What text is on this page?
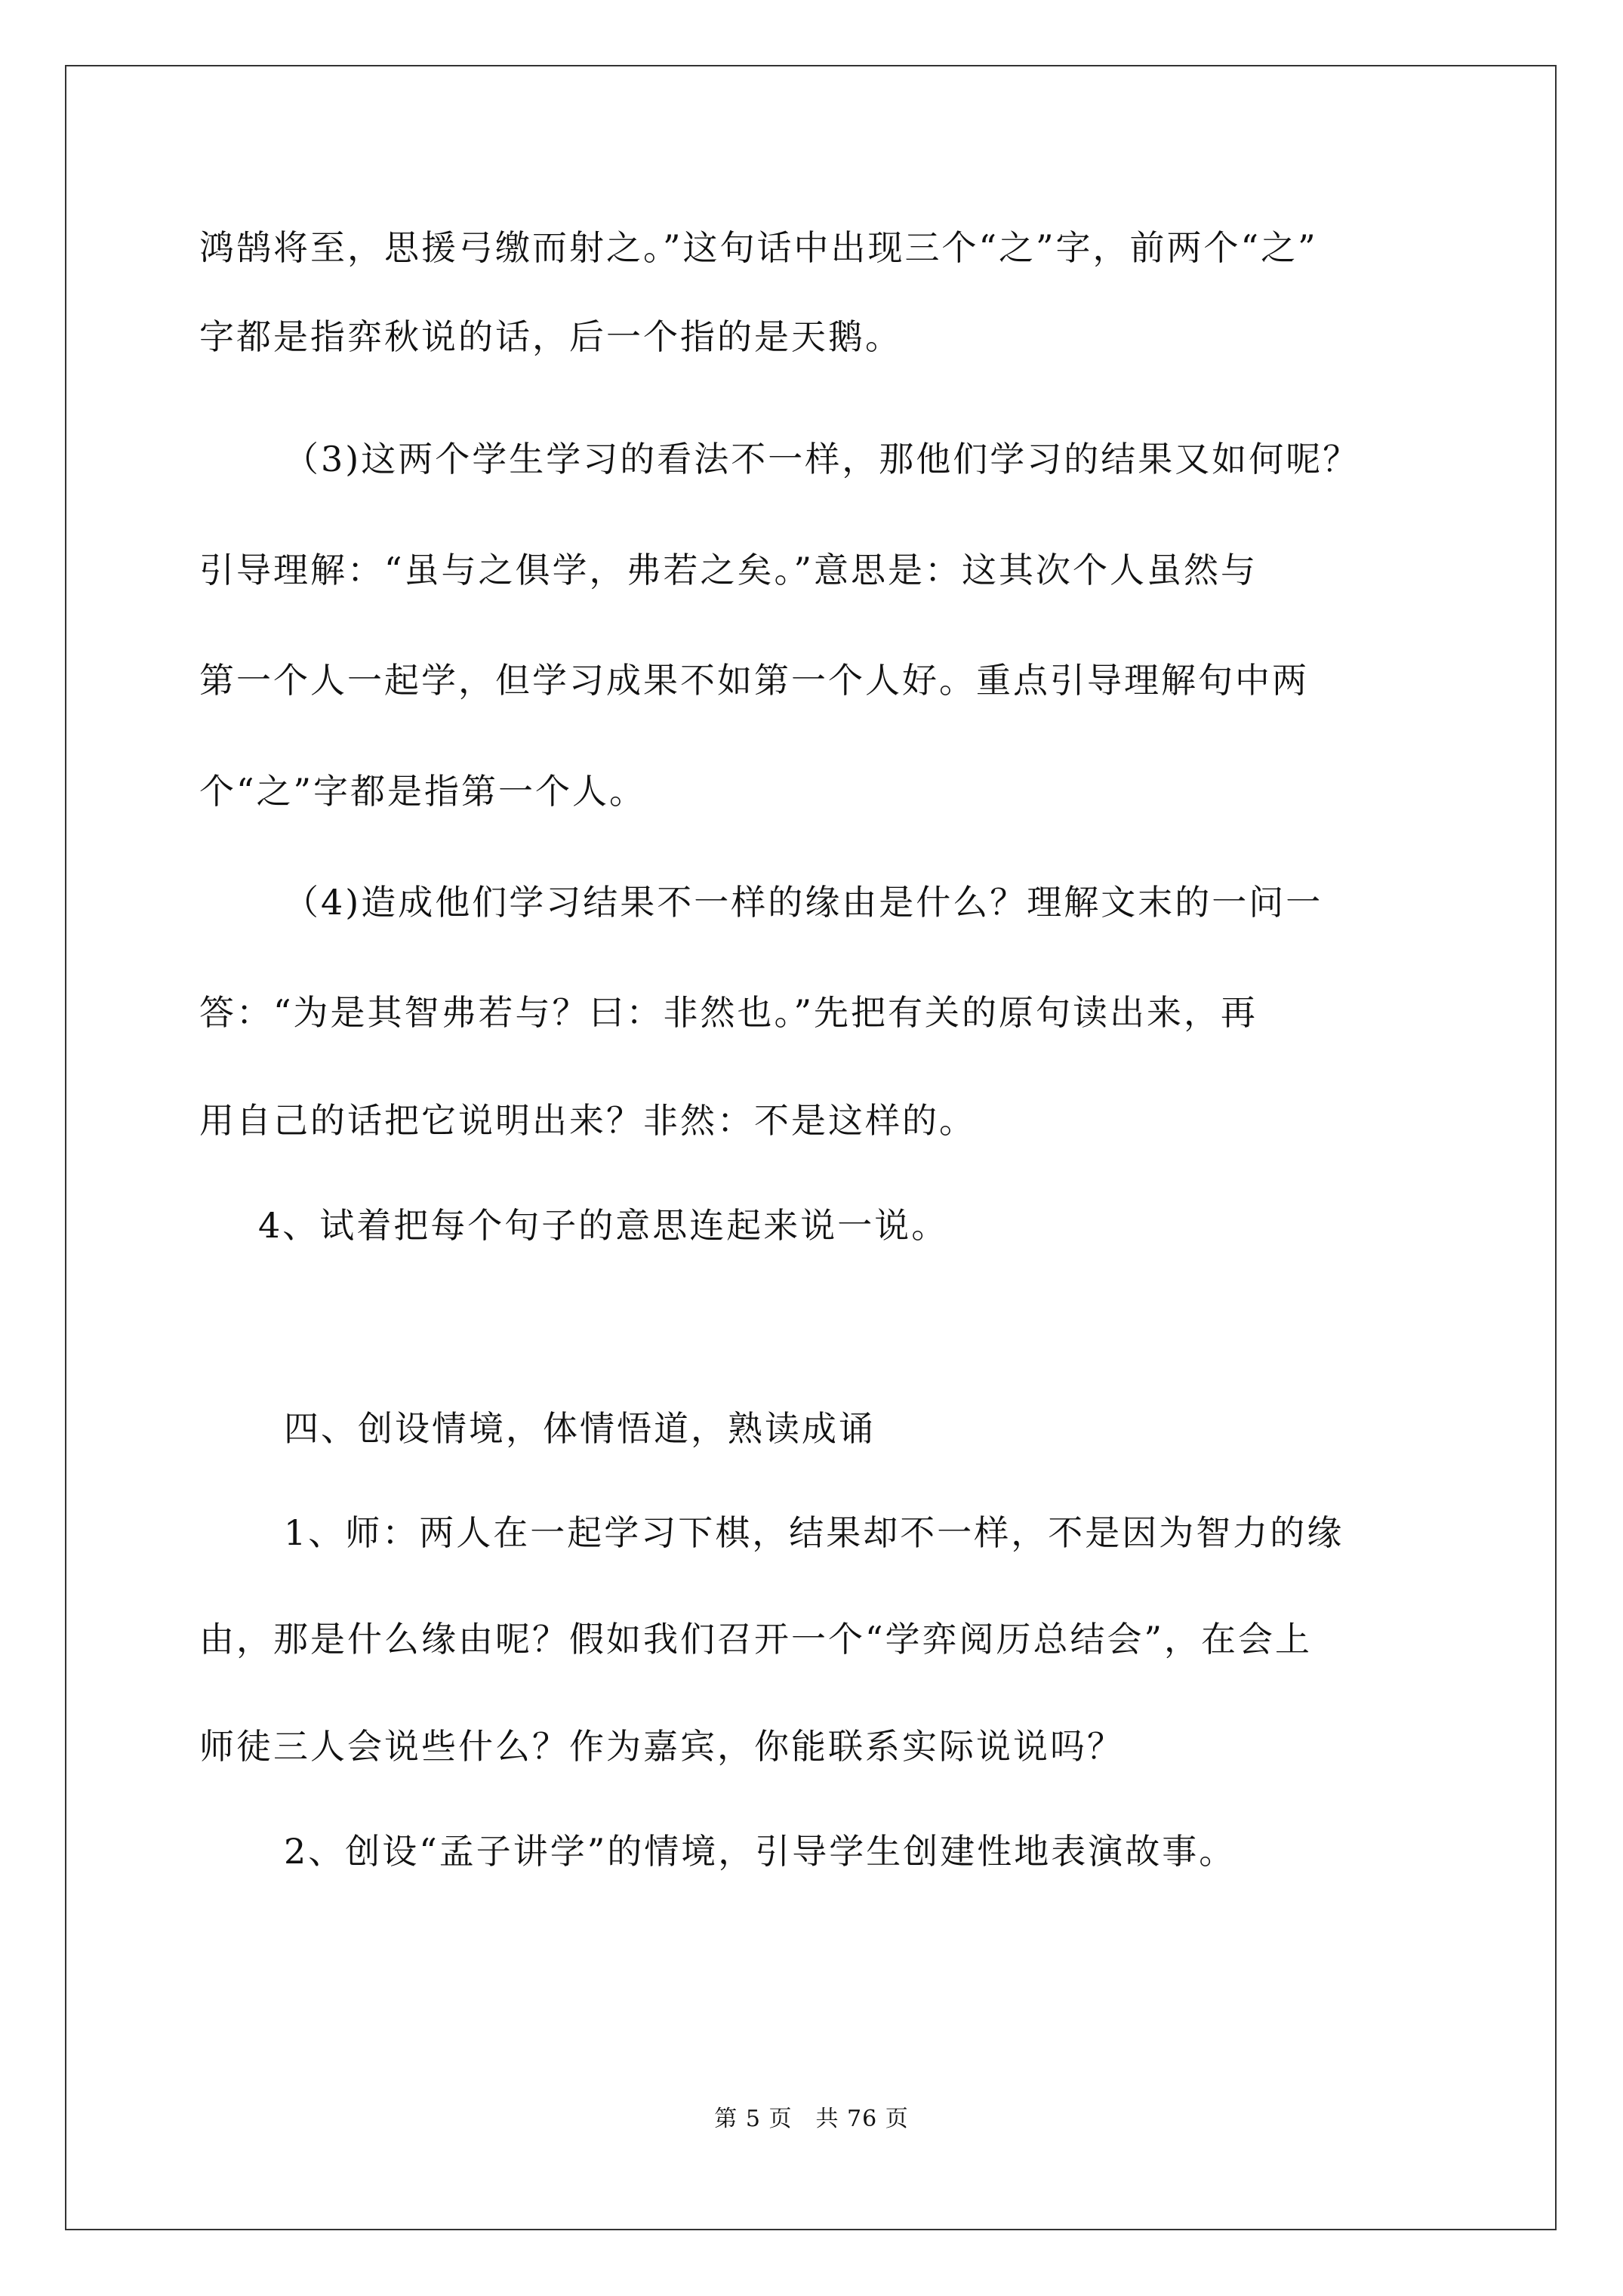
鸿鹄将至，思援弓缴而射之。”这句话中出现三个“之”字，前两个“之”
字都是指弈秋说的话，后一个指的是天鹅。
（3)这两个学生学习的看法不一样，那他们学习的结果又如何呢？
引导理解：“虽与之俱学，弗若之矣。”意思是：这其次个人虽然与
第一个人一起学，但学习成果不如第一个人好。重点引导理解句中两
个“之”字都是指第一个人。
（4)造成他们学习结果不一样的缘由是什么？理解文末的一问一
答：“为是其智弗若与？曰：非然也。”先把有关的原句读出来，再
用自己的话把它说明出来？非然：不是这样的。
4、试着把每个句子的意思连起来说一说。
四、创设情境，体情悟道，熟读成诵
1、师：两人在一起学习下棋，结果却不一样，不是因为智力的缘
由，那是什么缘由呢？假如我们召开一个“学弈阅历总结会”，在会上
师徒三人会说些什么？作为嘉宾，你能联系实际说说吗？
2、创设“孟子讲学”的情境，引导学生创建性地表演故事。
第 5 页　共 76 页
